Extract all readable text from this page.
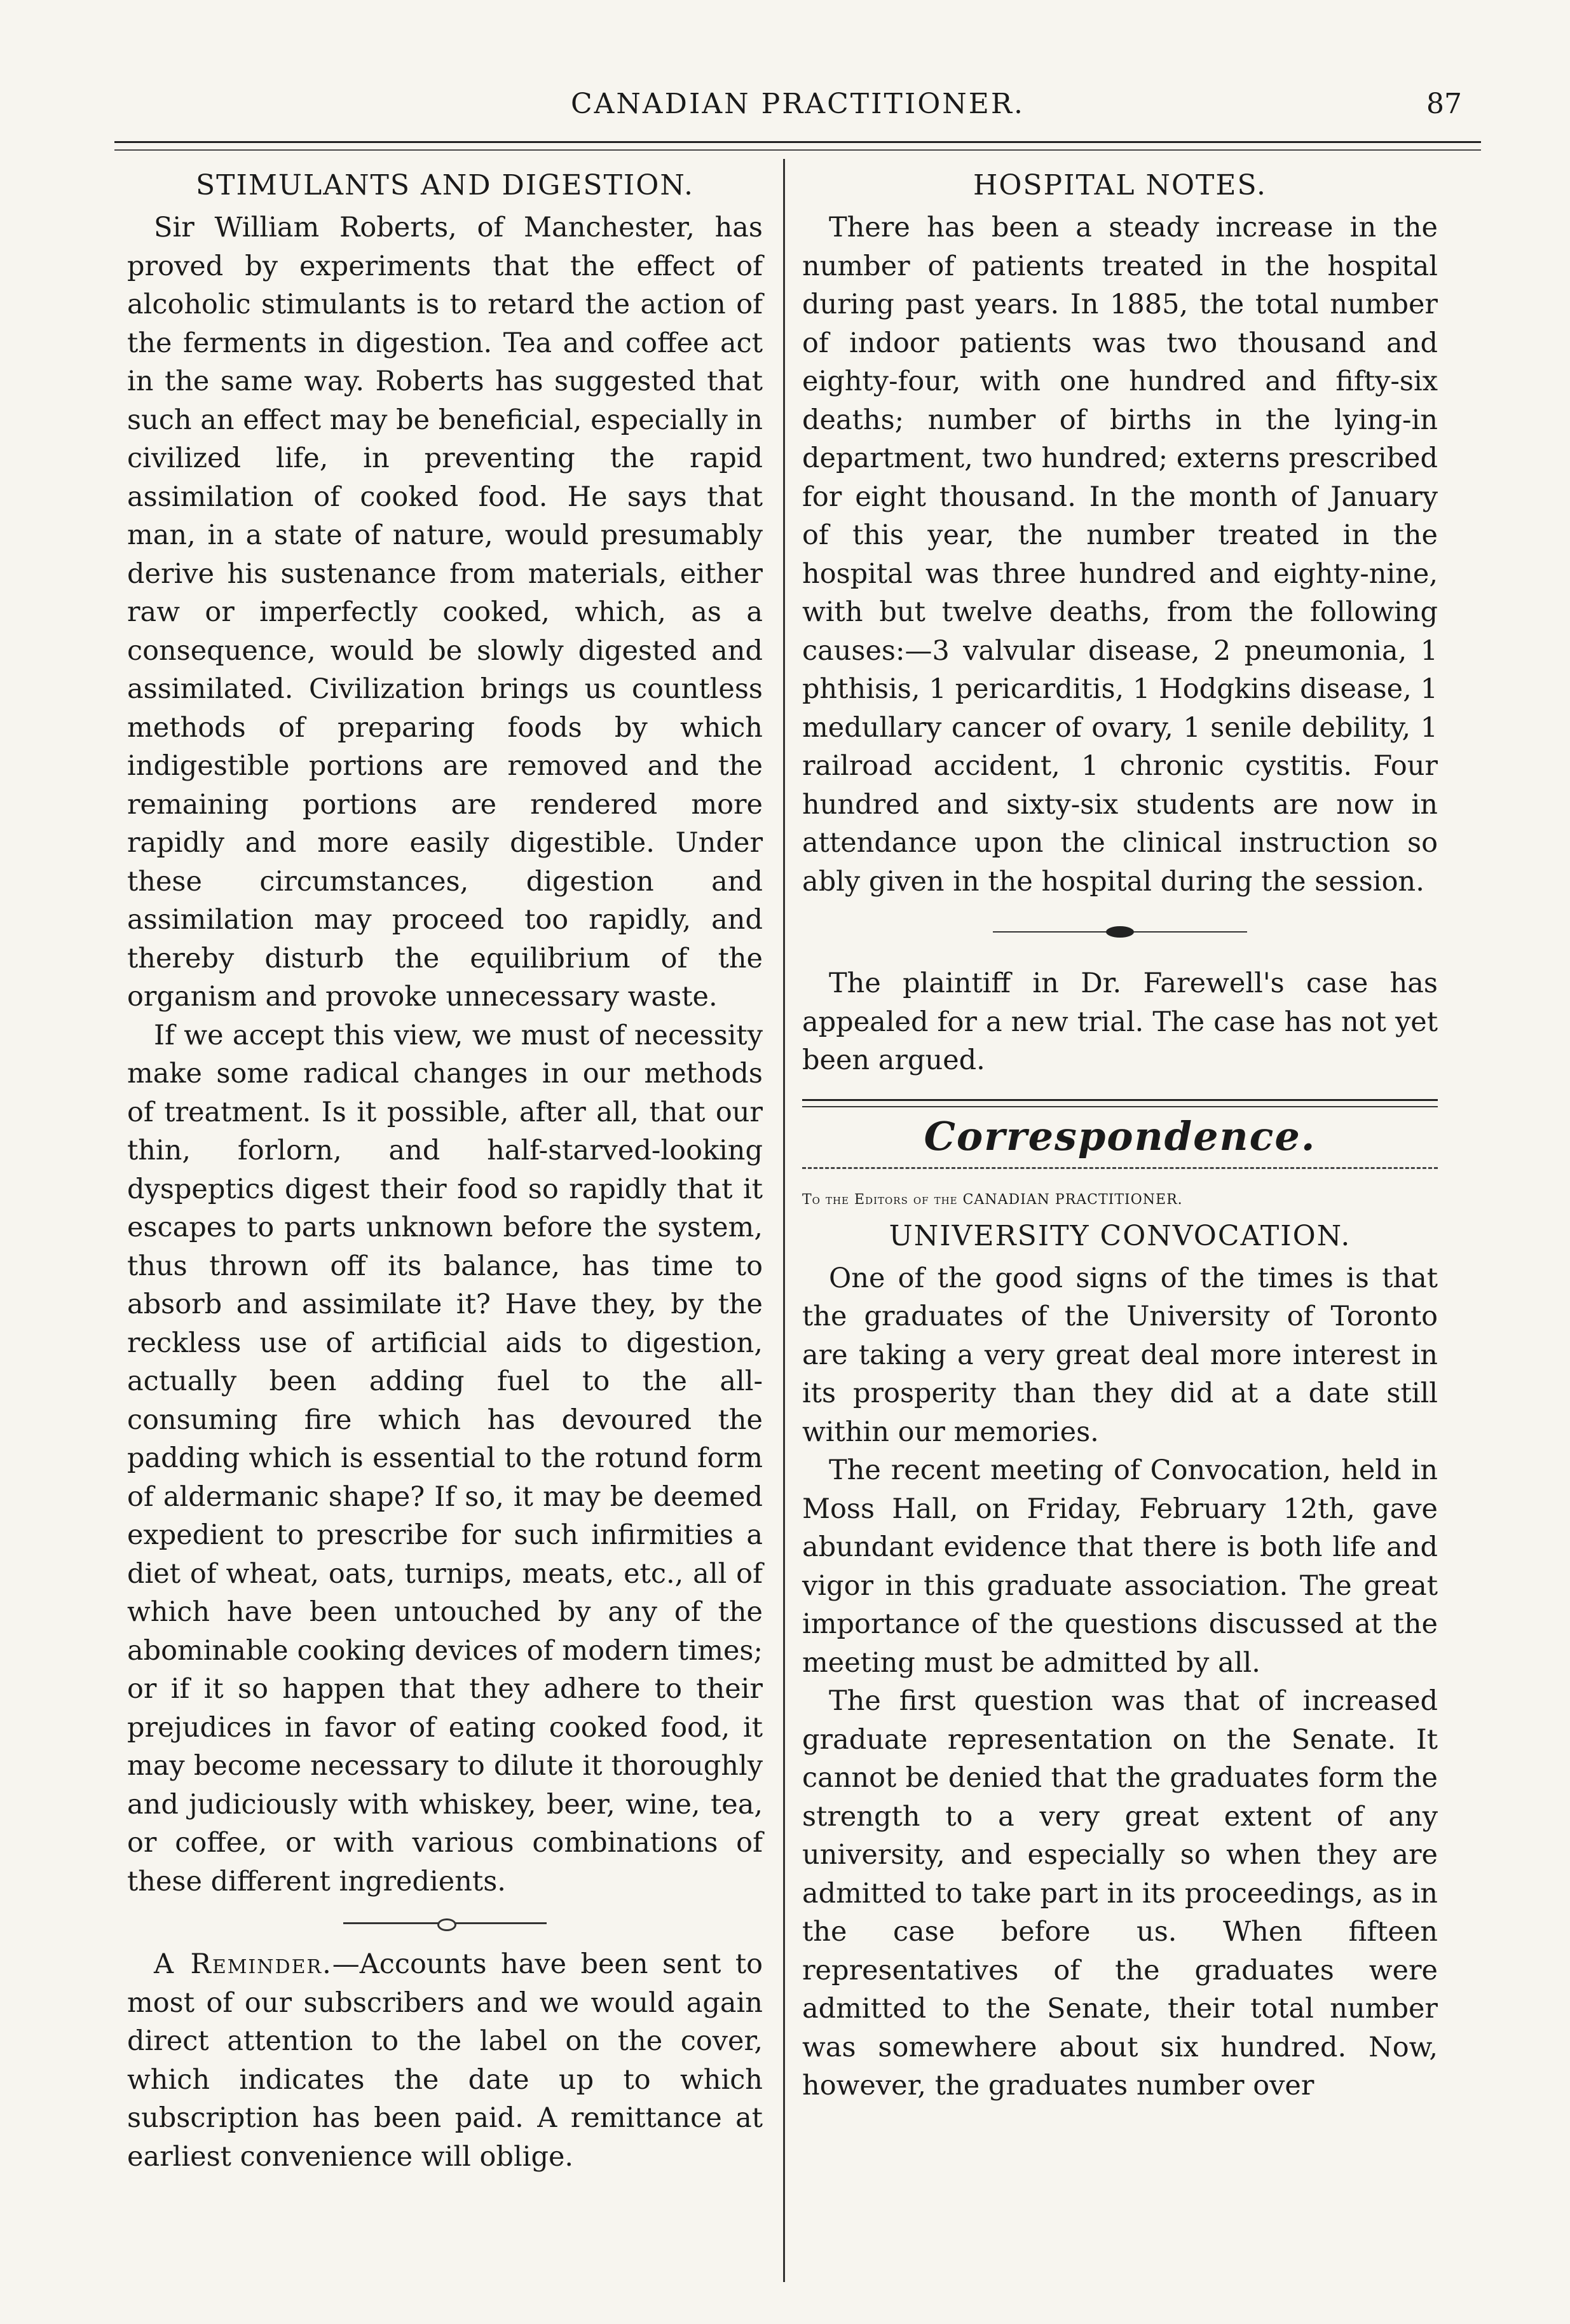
CANADIAN PRACTITIONER.	87
STIMULANTS AND DIGESTION.

Sir William Roberts, of Manchester, has proved by experiments that the effect of alcoholic stimulants is to retard the action of the ferments in digestion. Tea and coffee act in the same way. Roberts has suggested that such an effect may be beneficial, especially in civilized life, in preventing the rapid assimilation of cooked food. He says that man, in a state of nature, would presumably derive his sustenance from materials, either raw or imperfectly cooked, which, as a consequence, would be slowly digested and assimilated. Civilization brings us countless methods of preparing foods by which indigestible portions are removed and the remaining portions are rendered more rapidly and more easily digestible. Under these circumstances, digestion and assimilation may proceed too rapidly, and thereby disturb the equilibrium of the organism and provoke unnecessary waste.

If we accept this view, we must of necessity make some radical changes in our methods of treatment. Is it possible, after all, that our thin, forlorn, and half-starved-looking dyspeptics digest their food so rapidly that it escapes to parts unknown before the system, thus thrown off its balance, has time to absorb and assimilate it? Have they, by the reckless use of artificial aids to digestion, actually been adding fuel to the all-consuming fire which has devoured the padding which is essential to the rotund form of aldermanic shape? If so, it may be deemed expedient to prescribe for such infirmities a diet of wheat, oats, turnips, meats, etc., all of which have been untouched by any of the abominable cooking devices of modern times; or if it so happen that they adhere to their prejudices in favor of eating cooked food, it may become necessary to dilute it thoroughly and judiciously with whiskey, beer, wine, tea, or coffee, or with various combinations of these different ingredients.

A Reminder.—Accounts have been sent to most of our subscribers and we would again direct attention to the label on the cover, which indicates the date up to which subscription has been paid. A remittance at earliest convenience will oblige.

HOSPITAL NOTES.

There has been a steady increase in the number of patients treated in the hospital during past years. In 1885, the total number of indoor patients was two thousand and eighty-four, with one hundred and fifty-six deaths; number of births in the lying-in department, two hundred; externs prescribed for eight thousand. In the month of January of this year, the number treated in the hospital was three hundred and eighty-nine, with but twelve deaths, from the following causes:—3 valvular disease, 2 pneumonia, 1 phthisis, 1 pericarditis, 1 Hodgkins disease, 1 medullary cancer of ovary, 1 senile debility, 1 railroad accident, 1 chronic cystitis. Four hundred and sixty-six students are now in attendance upon the clinical instruction so ably given in the hospital during the session.

The plaintiff in Dr. Farewell's case has appealed for a new trial. The case has not yet been argued.

Correspondence.
To the Editors of the CANADIAN PRACTITIONER.
UNIVERSITY CONVOCATION.

One of the good signs of the times is that the graduates of the University of Toronto are taking a very great deal more interest in its prosperity than they did at a date still within our memories.

The recent meeting of Convocation, held in Moss Hall, on Friday, February 12th, gave abundant evidence that there is both life and vigor in this graduate association. The great importance of the questions discussed at the meeting must be admitted by all.

The first question was that of increased graduate representation on the Senate. It cannot be denied that the graduates form the strength to a very great extent of any university, and especially so when they are admitted to take part in its proceedings, as in the case before us. When fifteen representatives of the graduates were admitted to the Senate, their total number was somewhere about six hundred. Now, however, the graduates number over
